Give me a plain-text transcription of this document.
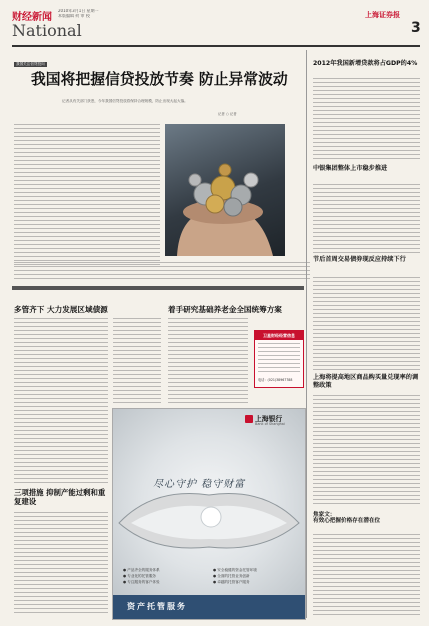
财经新闻
National
2010年3月1日 星期一
本版编辑 何 审 校	上海证券报
3
我国关注信贷投向
我国将把握信贷投放节奏 防止异常波动
记者从有关部门获悉，今年我国信贷投放将保持合理规模，防止出现大起大落。
记者 ○ 记者
2012年我国新增贷款将占GDP的4%
中银集团整体上市稳步推进
节后首周交易债券现反应持续下行
上海将提高地区商品购买量兑现率的调整政策
焦家文：
有效心把握价格存在潜在位
多管齐下 大力发展区域债源
三项措施 抑制产能过剩和重复建设
着手研究基础养老金全国统筹方案
卫星财经经营信息
电话：(021)38967788
上海银行
Bank of Shanghai
尽心守护 稳守财富
● 产品齐全的服务体系
● 专业化的托管服务
● 专注服务的客户体验
● 安全稳健的资金托管环境
● 全面的托管业务创新
● 卓越的托管客户服务
资产托管服务
